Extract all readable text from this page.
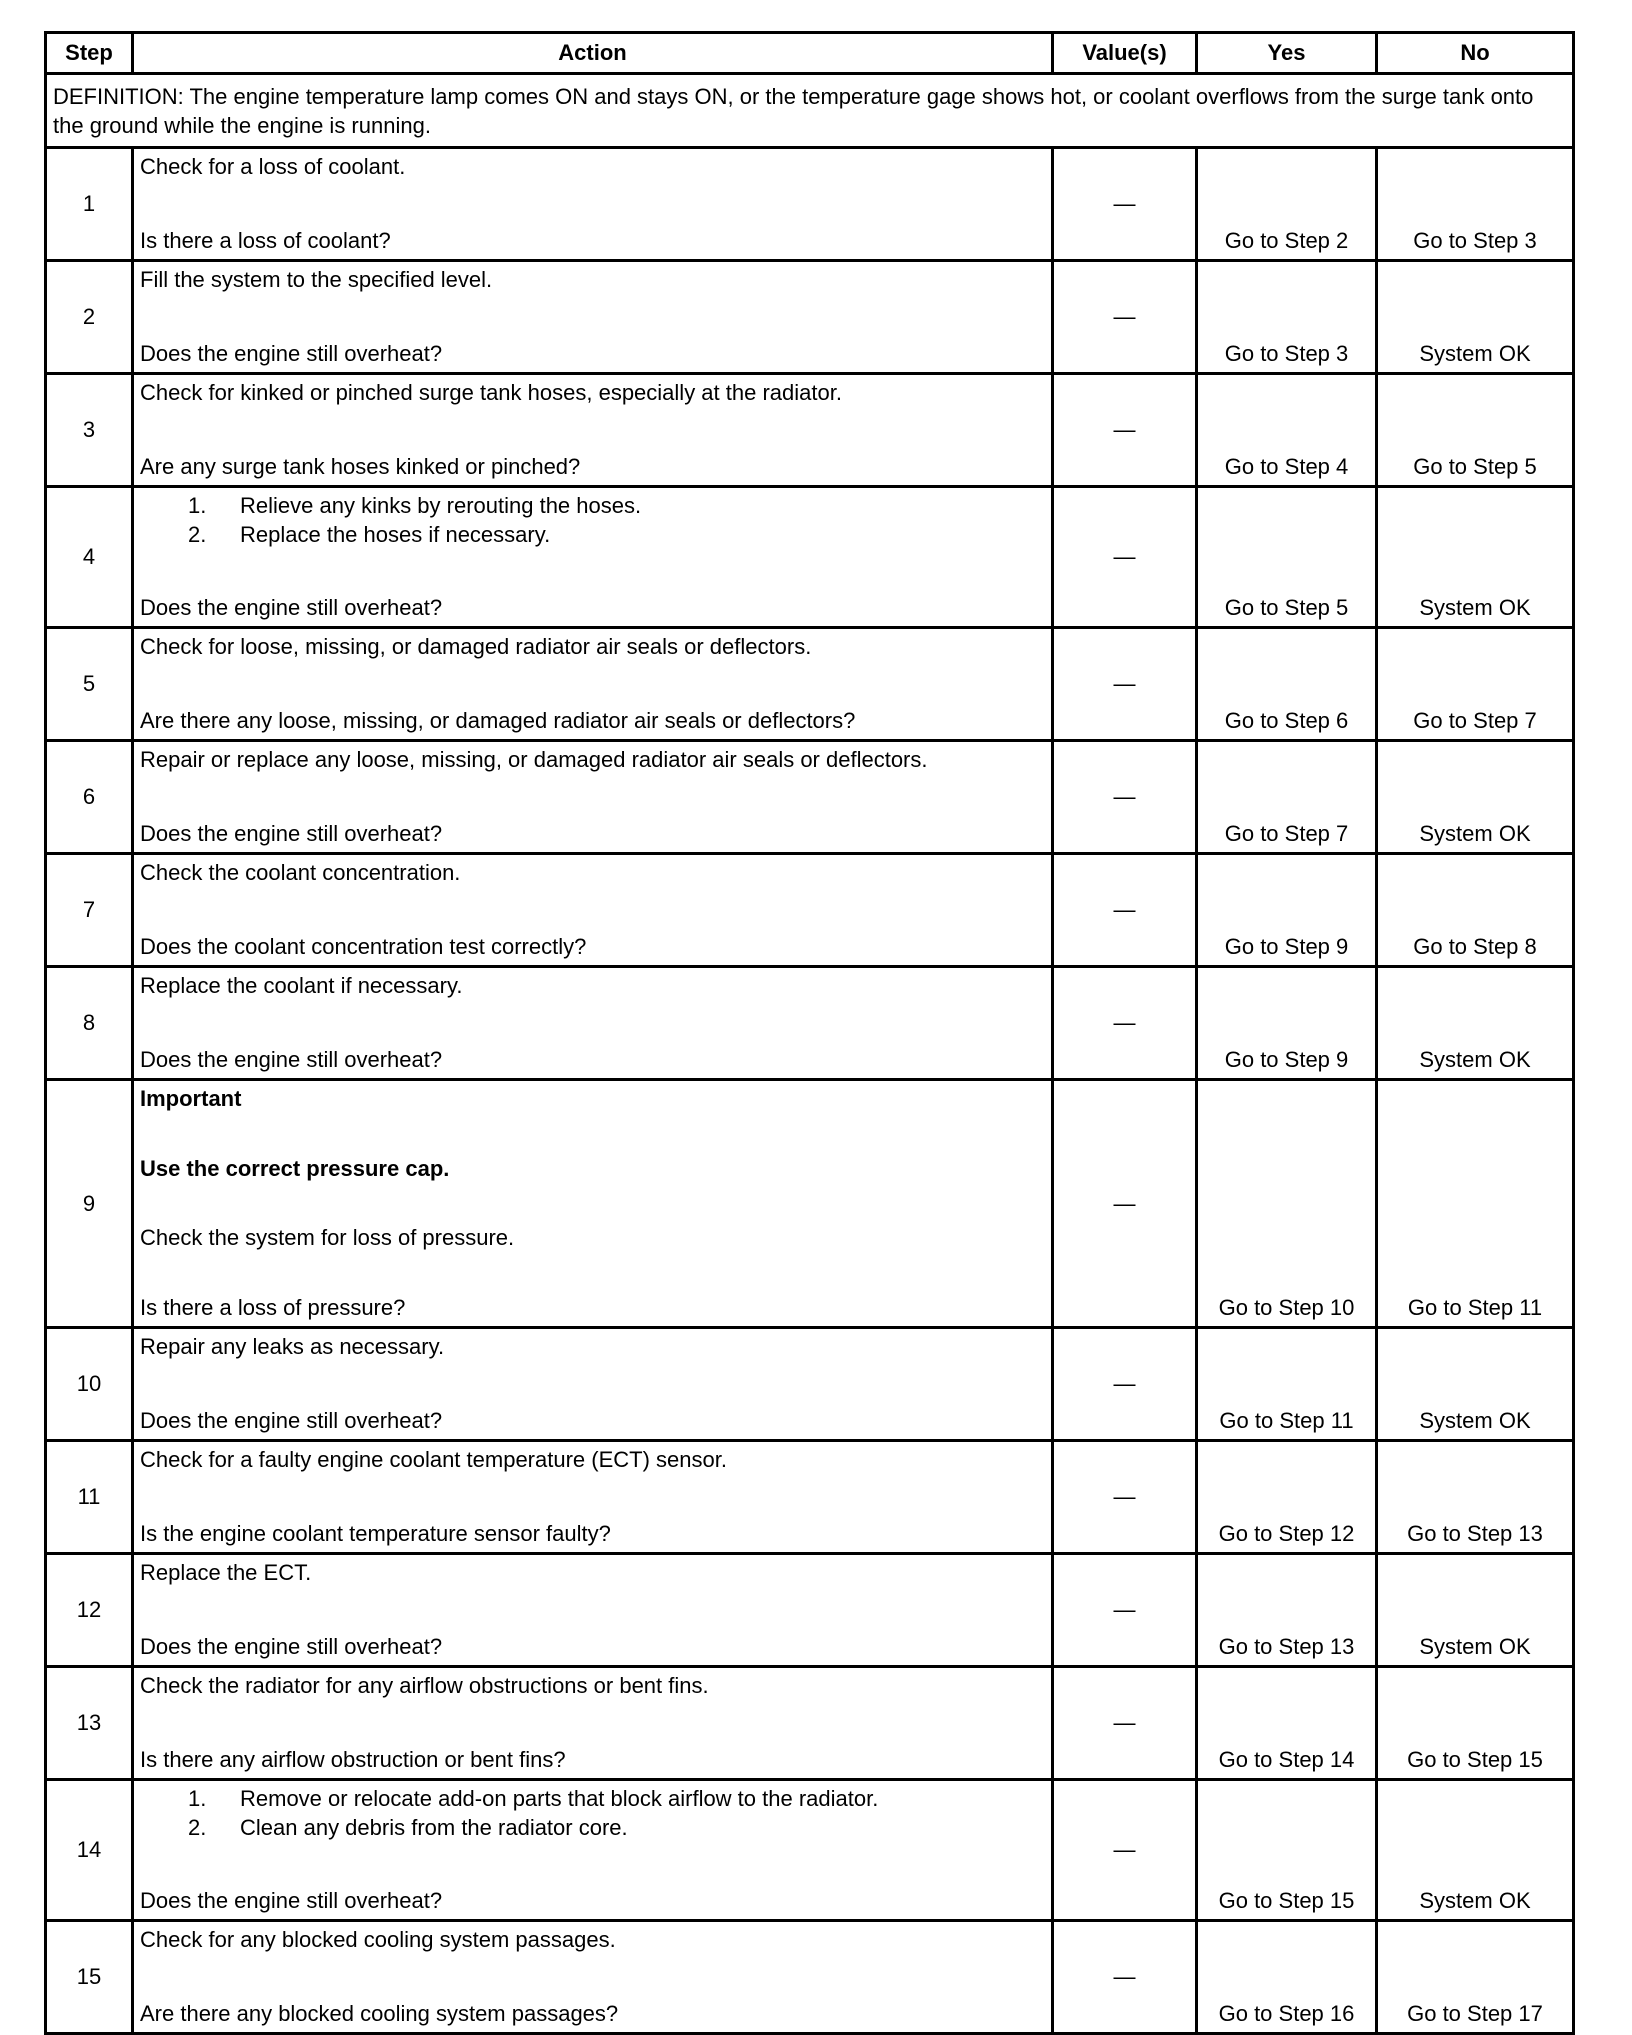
Step	Action	Value(s)	Yes	No
DEFINITION: The engine temperature lamp comes ON and stays ON, or the temperature gage shows hot, or coolant overflows from the surge tank onto the ground while the engine is running.				
1	Check for a loss of coolant.
Is there a loss of coolant?	—	Go to Step 2	Go to Step 3

2	Fill the system to the specified level.
Does the engine still overheat?	—	Go to Step 3	System OK

3	Check for kinked or pinched surge tank hoses, especially at the radiator.
Are any surge tank hoses kinked or pinched?	—	Go to Step 4	Go to Step 5

4	1. Relieve any kinks by rerouting the hoses.
2. Replace the hoses if necessary.
Does the engine still overheat?	—	Go to Step 5	System OK

5	Check for loose, missing, or damaged radiator air seals or deflectors.
Are there any loose, missing, or damaged radiator air seals or deflectors?	—	Go to Step 6	Go to Step 7

6	Repair or replace any loose, missing, or damaged radiator air seals or deflectors.
Does the engine still overheat?	—	Go to Step 7	System OK

7	Check the coolant concentration.
Does the coolant concentration test correctly?	—	Go to Step 9	Go to Step 8

8	Replace the coolant if necessary.
Does the engine still overheat?	—	Go to Step 9	System OK

9	Important
Use the correct pressure cap.
Check the system for loss of pressure.
Is there a loss of pressure?	—	Go to Step 10	Go to Step 11

10	Repair any leaks as necessary.
Does the engine still overheat?	—	Go to Step 11	System OK

11	Check for a faulty engine coolant temperature (ECT) sensor.
Is the engine coolant temperature sensor faulty?	—	Go to Step 12	Go to Step 13

12	Replace the ECT.
Does the engine still overheat?	—	Go to Step 13	System OK

13	Check the radiator for any airflow obstructions or bent fins.
Is there any airflow obstruction or bent fins?	—	Go to Step 14	Go to Step 15

14	1. Remove or relocate add-on parts that block airflow to the radiator.
2. Clean any debris from the radiator core.
Does the engine still overheat?	—	Go to Step 15	System OK

15	Check for any blocked cooling system passages.
Are there any blocked cooling system passages?	—	Go to Step 16	Go to Step 17
